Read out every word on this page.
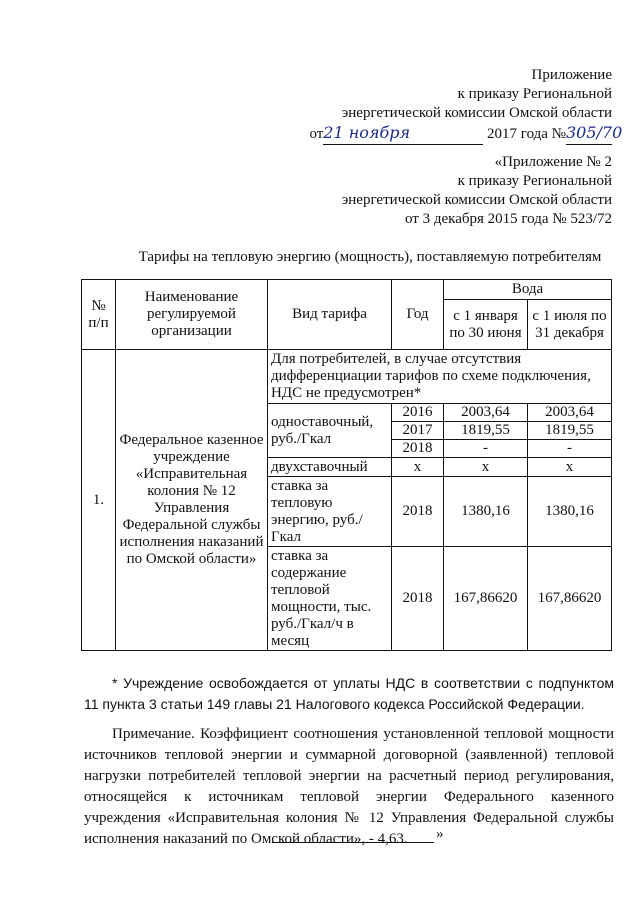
Приложение
к приказу Региональной
энергетической комиссии Омской области
от21 ноября	2017 года №305/70
«Приложение № 2
к приказу Региональной
энергетической комиссии Омской области
от 3 декабря 2015 года № 523/72
Тарифы на тепловую энергию (мощность), поставляемую потребителям
№ п/п	Наименование регулируемой организации	Вид тарифа	Год	Вода	
				с 1 января по 30 июня	с 1 июля по 31 декабря
1.	Федеральное казенное учреждение «Исправительная колония № 12 Управления Федеральной службы исполнения наказаний по Омской области»	Для потребителей, в случае отсутствия дифференциации тарифов по схеме подключения, НДС не предусмотрен*			
		одноставочный, руб./Гкал	2016	2003,64	2003,64
			2017	1819,55	1819,55
			2018	-	-
		двухставочный	х	х	х
		ставка за тепловую энергию, руб./Гкал	2018	1380,16	1380,16
		ставка за содержание тепловой мощности, тыс. руб./Гкал/ч в месяц	2018	167,86620	167,86620
* Учреждение освобождается от уплаты НДС в соответствии с подпунктом 11 пункта 3 статьи 149 главы 21 Налогового кодекса Российской Федерации.
Примечание. Коэффициент соотношения установленной тепловой мощности источников тепловой энергии и суммарной договорной (заявленной) тепловой нагрузки потребителей тепловой энергии на расчетный период регулирования, относящейся к источникам тепловой энергии Федерального казенного учреждения «Исправительная колония № 12 Управления Федеральной службы исполнения наказаний по Омской области», - 4,63.	»
